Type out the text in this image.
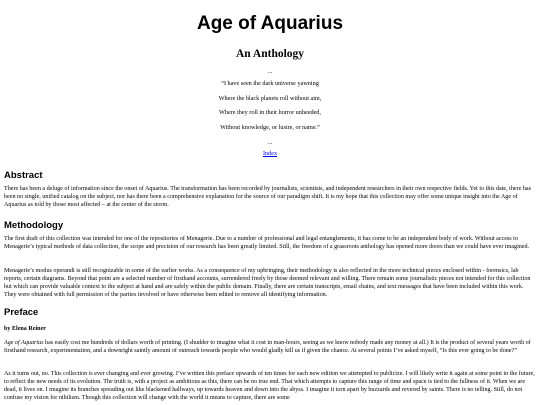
Age of Aquarius
An Anthology
...
“I have seen the dark universe yawning
Where the black planets roll without aim,
Where they roll in their horror unheeded,
Without knowledge, or lustre, or name.”
...
Index
Abstract

There has been a deluge of information since the onset of Aquarius. The transformation has been recorded by journalists, scientists, and independent researchers in their own respective fields. Yet to this date, there has been no single, unified catalog on the subject, nor has there been a comprehensive explanation for the source of our paradigm shift. It is my hope that this collection may offer some unique insight into the Age of Aquarius as told by those most affected – at the center of the storm.

Methodology

The first draft of this collection was intended for one of the repositories of Menagerie. Due to a number of professional and legal entanglements, it has come to be an independent body of work. Without access to Menagerie’s typical methods of data collection, the scope and precision of our research has been greatly limited. Still, the freedom of a grassroots anthology has opened more doors than we could have ever imagined.

Menagerie’s modus operandi is still recognizable in some of the earlier works. As a consequence of my upbringing, their methodology is also reflected in the more technical pieces enclosed within - forensics, lab reports, certain diagrams. Beyond that point are a selected number of firsthand accounts, surrendered freely by those deemed relevant and willing. There remain some journalistic pieces not intended for this collection but which can provide valuable context to the subject at hand and are safely within the public domain. Finally, there are certain transcripts, email chains, and text messages that have been included within this work. They were obtained with full permission of the parties involved or have otherwise been edited to remove all identifying information.

Preface

by Elena Reiner

Age of Aquarius has easily cost me hundreds of dollars worth of printing. (I shudder to imagine what it cost in man-hours, seeing as we know nobody made any money at all.) It is the product of several years worth of firsthand research, experimentation, and a downright saintly amount of outreach towards people who would gladly kill us if given the chance. At several points I’ve asked myself, “Is this ever going to be done?”

As it turns out, no. This collection is ever changing and ever growing. I’ve written this preface upwards of ten times for each new edition we attempted to publicize. I will likely write it again at some point in the future, to reflect the new needs of its evolution. The truth is, with a project as ambitious as this, there can be no true end. That which attempts to capture this range of time and space is tied to the fullness of it. When we are dead, it lives on. I imagine its branches spreading out like blackened hallways, up towards heaven and down into the abyss. I imagine it torn apart by buzzards and revered by saints. There is no telling. Still, do not confuse my vision for nihilism. Though this collection will change with the world it means to capture, there are some
